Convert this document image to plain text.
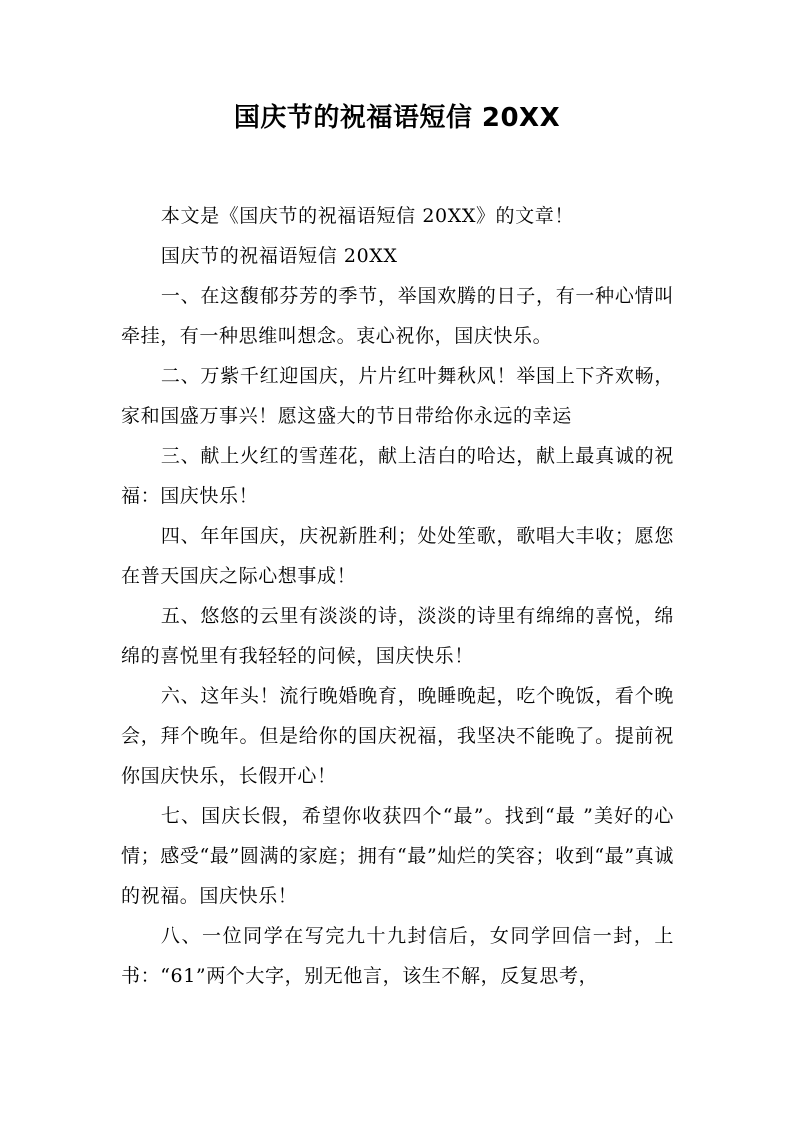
国庆节的祝福语短信 20XX

本文是《国庆节的祝福语短信 20XX》的文章！

国庆节的祝福语短信 20XX

一、在这馥郁芬芳的季节，举国欢腾的日子，有一种心情叫牵挂，有一种思维叫想念。衷心祝你，国庆快乐。

二、万紫千红迎国庆，片片红叶舞秋风！举国上下齐欢畅，家和国盛万事兴！愿这盛大的节日带给你永远的幸运

三、献上火红的雪莲花，献上洁白的哈达，献上最真诚的祝福：国庆快乐！

四、年年国庆，庆祝新胜利；处处笙歌，歌唱大丰收；愿您在普天国庆之际心想事成！

五、悠悠的云里有淡淡的诗，淡淡的诗里有绵绵的喜悦，绵绵的喜悦里有我轻轻的问候，国庆快乐！

六、这年头！流行晚婚晚育，晚睡晚起，吃个晚饭，看个晚会，拜个晚年。但是给你的国庆祝福，我坚决不能晚了。提前祝你国庆快乐，长假开心！

七、国庆长假，希望你收获四个“最”。找到“最 ”美好的心情；感受“最”圆满的家庭；拥有“最”灿烂的笑容；收到“最”真诚的祝福。国庆快乐！

八、一位同学在写完九十九封信后，女同学回信一封，上书：“61”两个大字，别无他言，该生不解，反复思考，
